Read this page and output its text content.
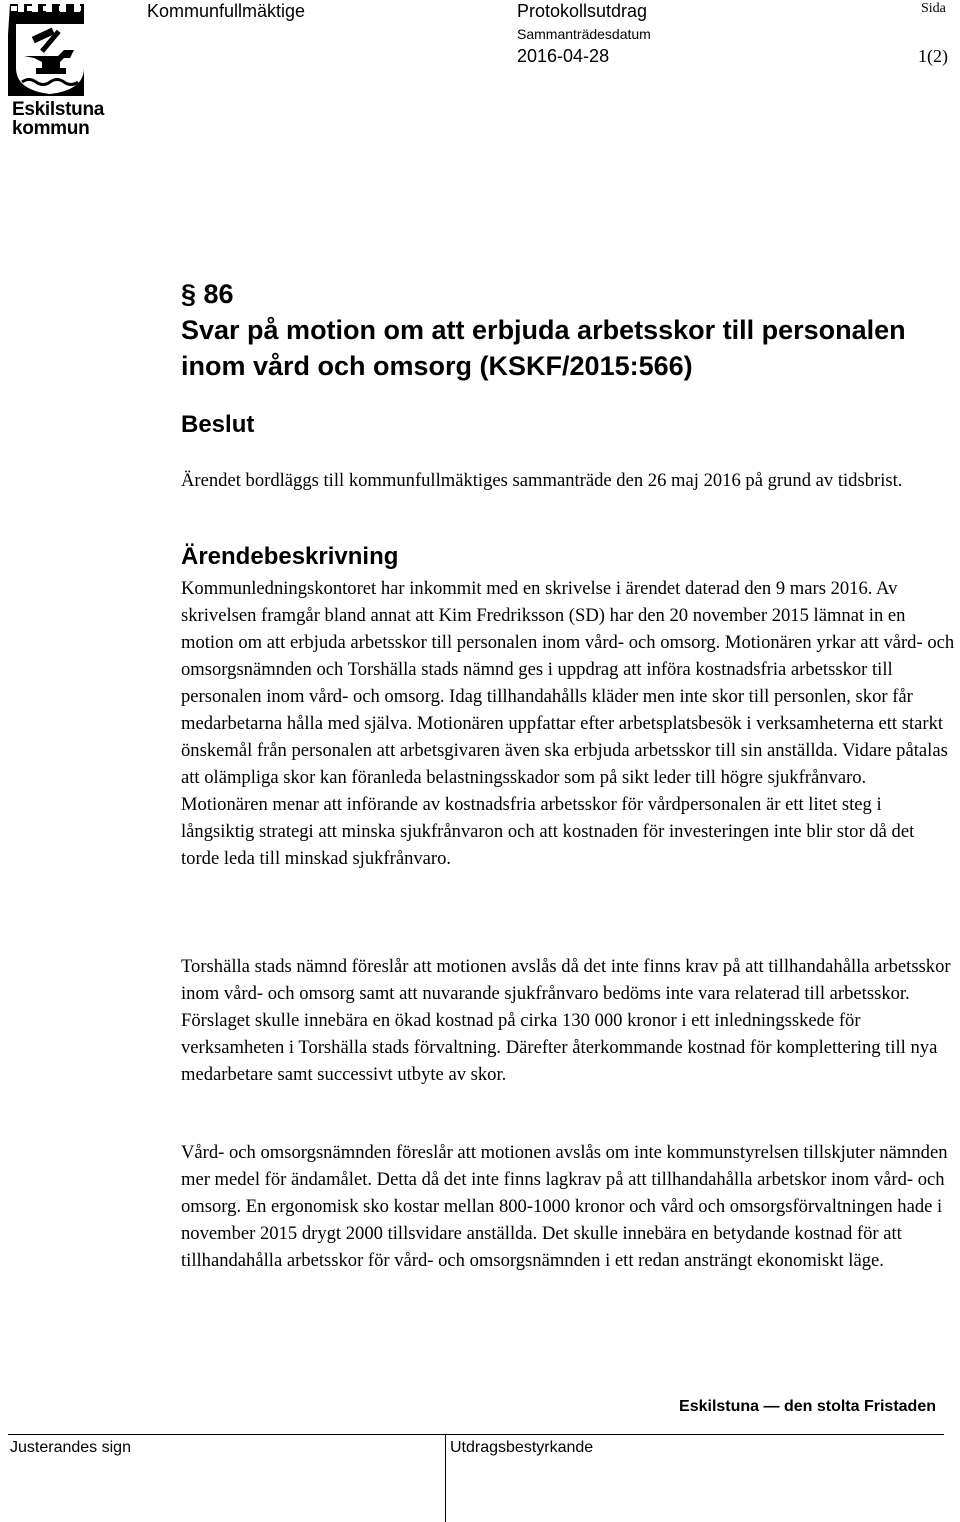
Eskilstuna
kommun
Kommunfullmäktige	Protokollsutdrag
Sammanträdesdatum
2016-04-28
Sida
1(2)
§ 86
Svar på motion om att erbjuda arbetsskor till personalen inom vård och omsorg (KSKF/2015:566)
Beslut

Ärendet bordläggs till kommunfullmäktiges sammanträde den 26 maj 2016 på grund av tidsbrist.

Ärendebeskrivning

Kommunledningskontoret har inkommit med en skrivelse i ärendet daterad den 9 mars 2016. Av skrivelsen framgår bland annat att Kim Fredriksson (SD) har den 20 november 2015 lämnat in en motion om att erbjuda arbetsskor till personalen inom vård- och omsorg. Motionären yrkar att vård- och omsorgsnämnden och Torshälla stads nämnd ges i uppdrag att införa kostnadsfria arbetsskor till personalen inom vård- och omsorg. Idag tillhandahålls kläder men inte skor till personlen, skor får medarbetarna hålla med själva. Motionären uppfattar efter arbetsplatsbesök i verksamheterna ett starkt önskemål från personalen att arbetsgivaren även ska erbjuda arbetsskor till sin anställda. Vidare påtalas att olämpliga skor kan föranleda belastningsskador som på sikt leder till högre sjukfrånvaro. Motionären menar att införande av kostnadsfria arbetsskor för vårdpersonalen är ett litet steg i långsiktig strategi att minska sjukfrånvaron och att kostnaden för investeringen inte blir stor då det torde leda till minskad sjukfrånvaro.

Torshälla stads nämnd föreslår att motionen avslås då det inte finns krav på att tillhandahålla arbetsskor inom vård- och omsorg samt att nuvarande sjukfrånvaro bedöms inte vara relaterad till arbetsskor. Förslaget skulle innebära en ökad kostnad på cirka 130 000 kronor i ett inledningsskede för verksamheten i Torshälla stads förvaltning. Därefter återkommande kostnad för komplettering till nya medarbetare samt successivt utbyte av skor.

Vård- och omsorgsnämnden föreslår att motionen avslås om inte kommunstyrelsen tillskjuter nämnden mer medel för ändamålet. Detta då det inte finns lagkrav på att tillhandahålla arbetskor inom vård- och omsorg. En ergonomisk sko kostar mellan 800-1000 kronor och vård och omsorgsförvaltningen hade i november 2015 drygt 2000 tillsvidare anställda. Det skulle innebära en betydande kostnad för att tillhandahålla arbetsskor för vård- och omsorgsnämnden i ett redan ansträngt ekonomiskt läge.

Eskilstuna — den stolta Fristaden
Justerandes sign	Utdragsbestyrkande
